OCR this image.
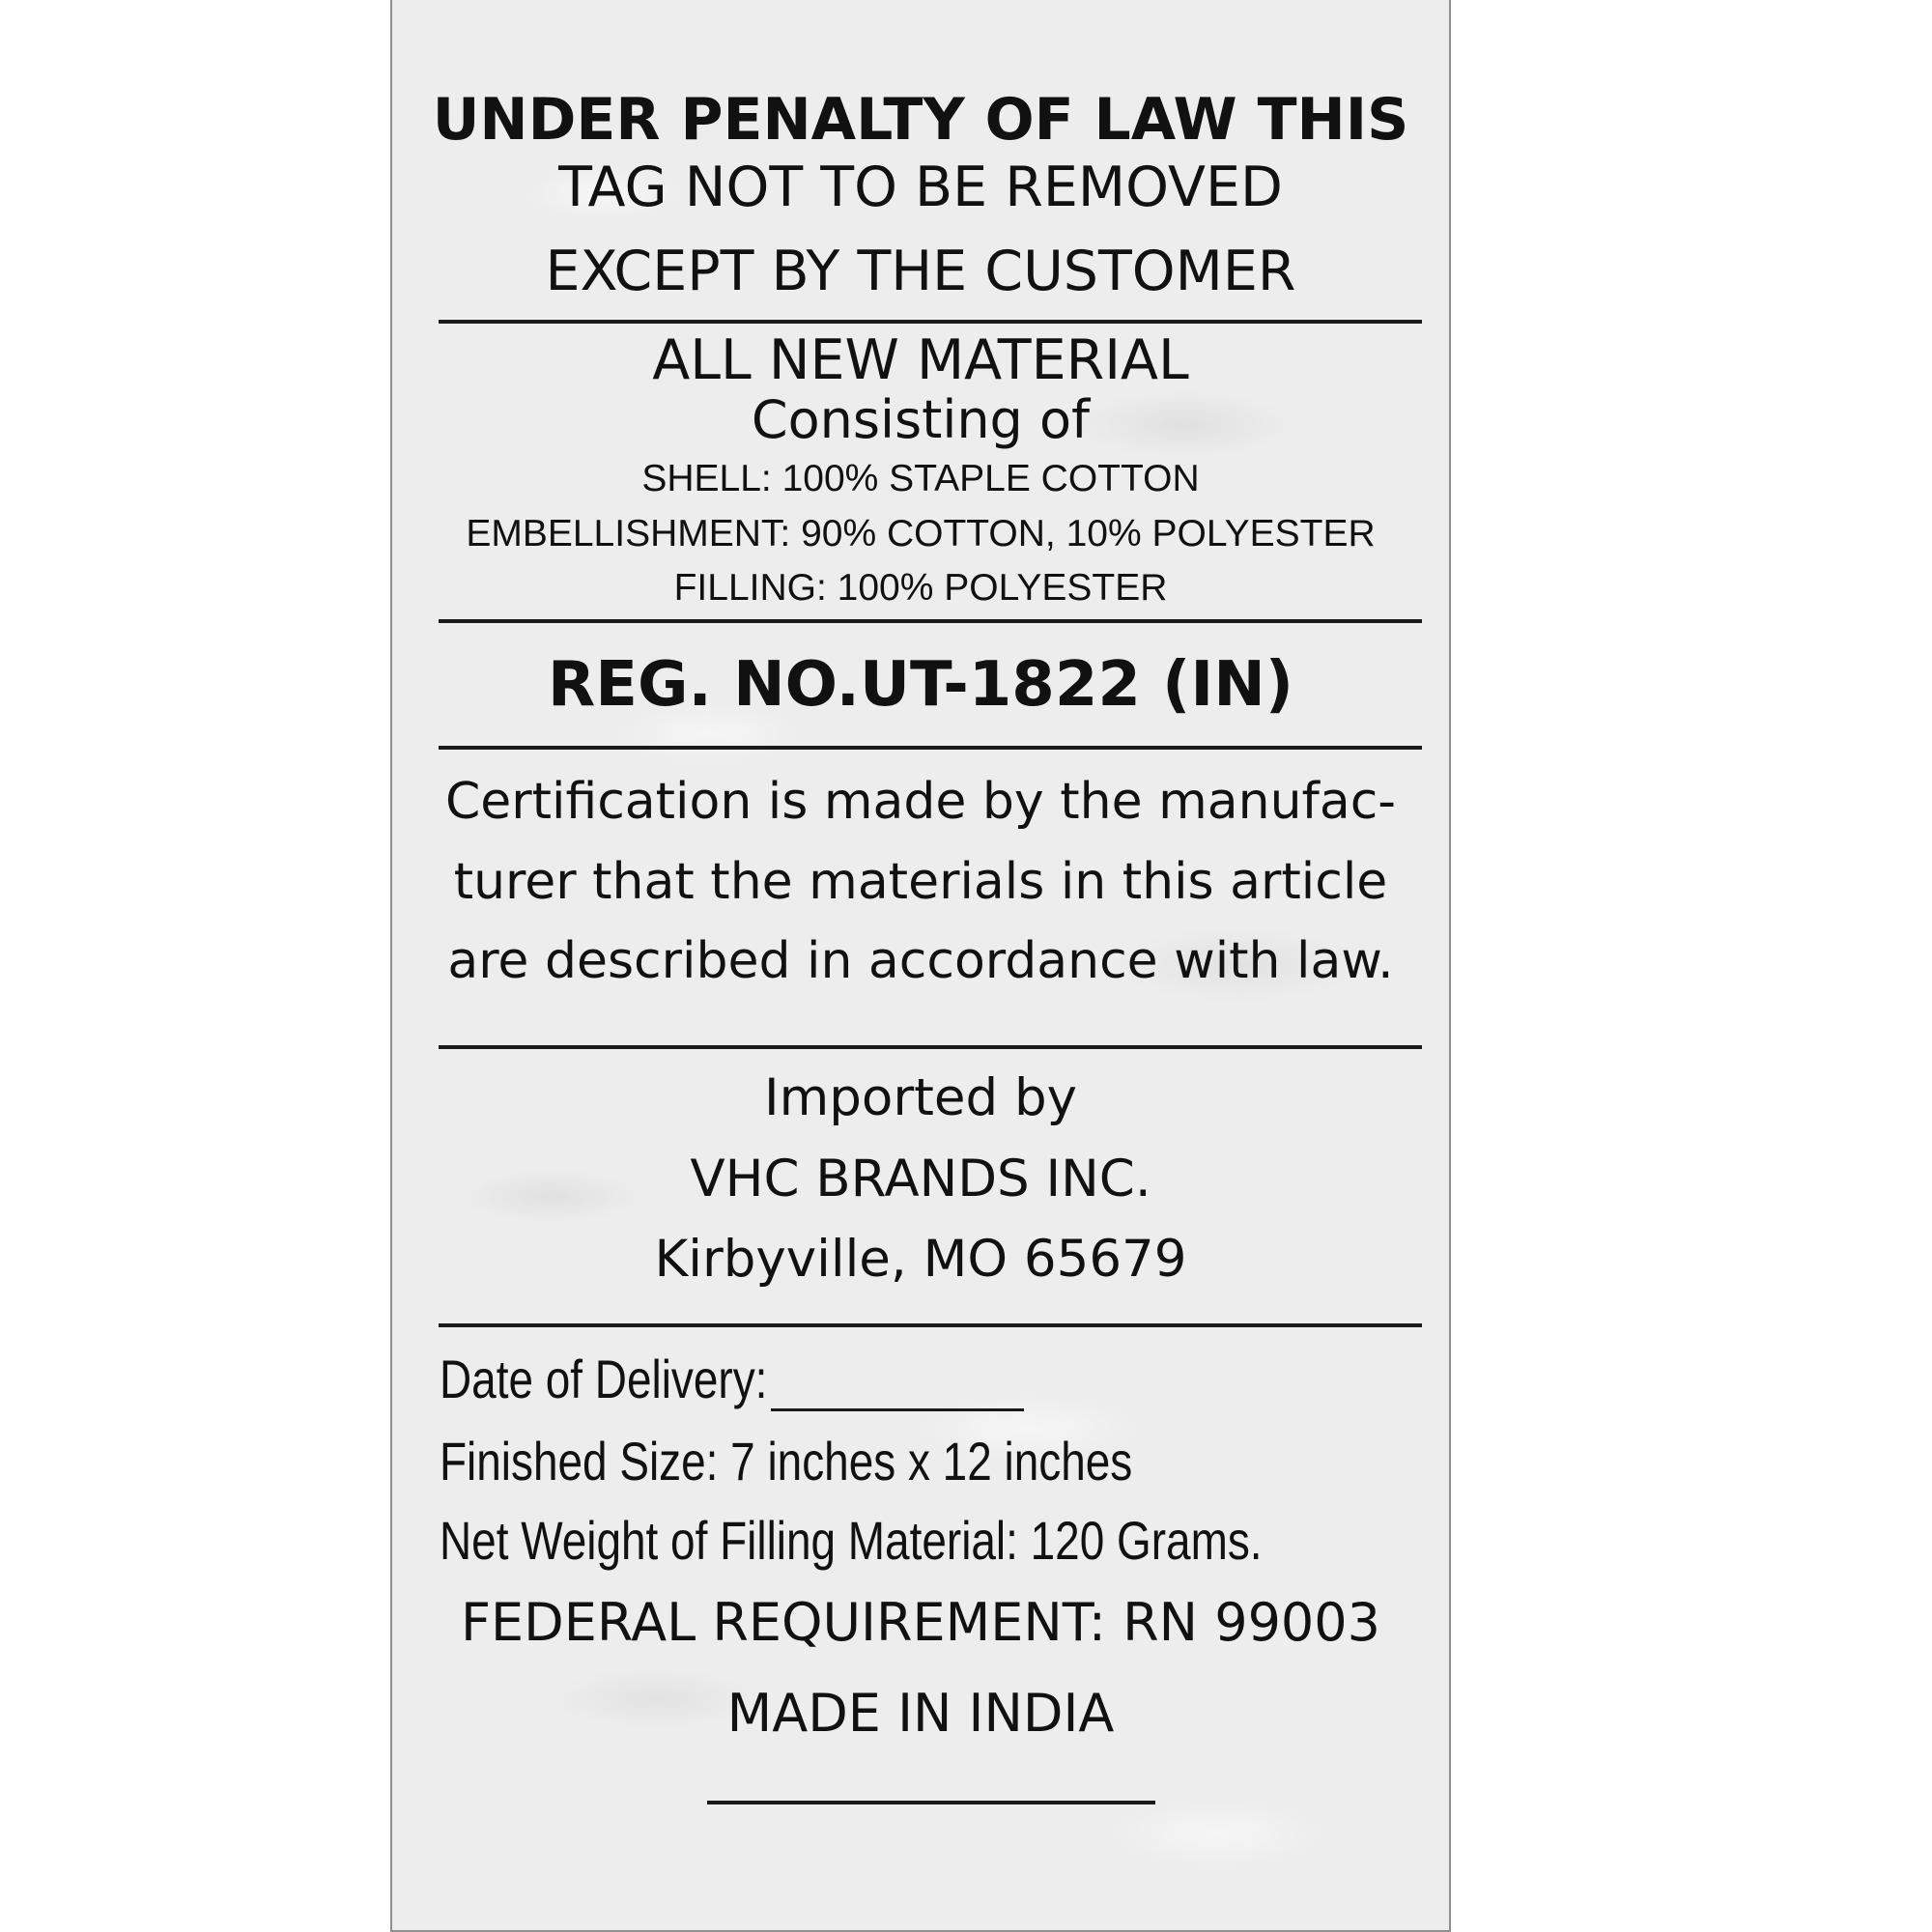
UNDER PENALTY OF LAW THIS
TAG NOT TO BE REMOVED
EXCEPT BY THE CUSTOMER
ALL NEW MATERIAL
Consisting of
SHELL: 100% STAPLE COTTON
EMBELLISHMENT: 90% COTTON, 10% POLYESTER
FILLING: 100% POLYESTER
REG. NO.UT-1822 (IN)
Certification is made by the manufac-
turer that the materials in this article
are described in accordance with law.
Imported by
VHC BRANDS INC.
Kirbyville, MO 65679
Date of Delivery:
Finished Size: 7 inches x 12 inches
Net Weight of Filling Material: 120 Grams.
FEDERAL REQUIREMENT: RN 99003
MADE IN INDIA
